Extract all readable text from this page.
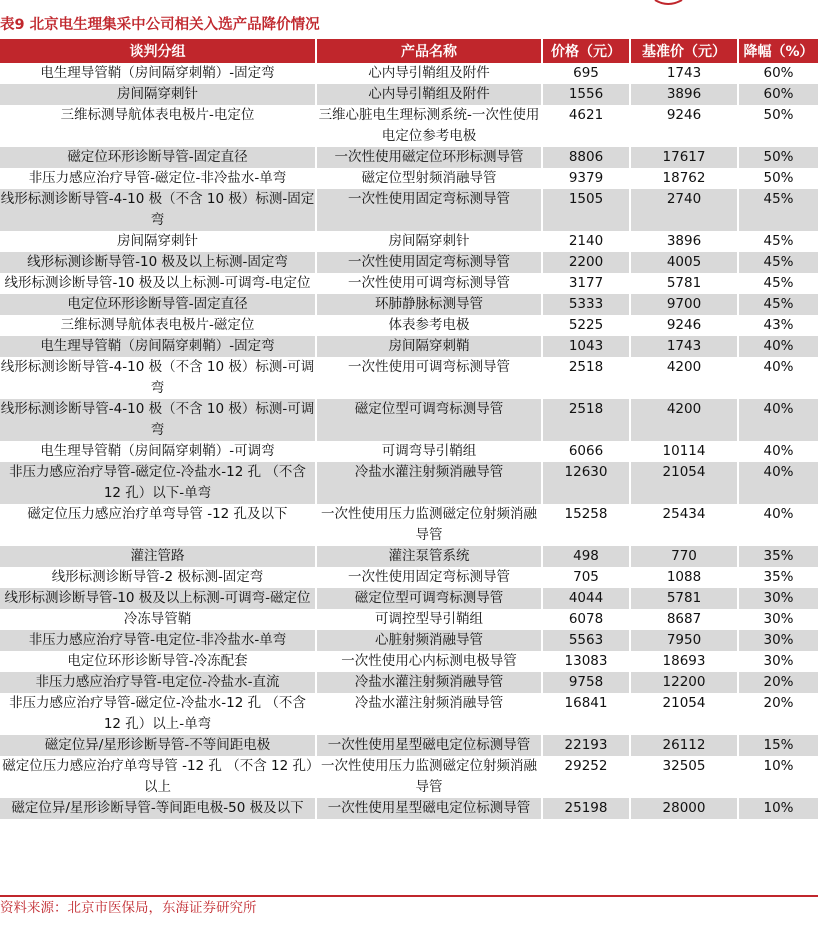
表9 北京电生理集采中公司相关入选产品降价情况
谈判分组	产品名称	价格（元）	基准价（元）	降幅（%）
电生理导管鞘（房间隔穿刺鞘）-固定弯	心内导引鞘组及附件	695	1743	60%
房间隔穿刺针	心内导引鞘组及附件	1556	3896	60%
三维标测导航体表电极片-电定位	三维心脏电生理标测系统-一次性使用电定位参考电极	4621	9246	50%
磁定位环形诊断导管-固定直径	一次性使用磁定位环形标测导管	8806	17617	50%
非压力感应治疗导管-磁定位-非冷盐水-单弯	磁定位型射频消融导管	9379	18762	50%
线形标测诊断导管-4-10 极（不含 10 极）标测-固定弯	一次性使用固定弯标测导管	1505	2740	45%
房间隔穿刺针	房间隔穿刺针	2140	3896	45%
线形标测诊断导管-10 极及以上标测-固定弯	一次性使用固定弯标测导管	2200	4005	45%
线形标测诊断导管-10 极及以上标测-可调弯-电定位	一次性使用可调弯标测导管	3177	5781	45%
电定位环形诊断导管-固定直径	环肺静脉标测导管	5333	9700	45%
三维标测导航体表电极片-磁定位	体表参考电极	5225	9246	43%
电生理导管鞘（房间隔穿刺鞘）-固定弯	房间隔穿刺鞘	1043	1743	40%
线形标测诊断导管-4-10 极（不含 10 极）标测-可调弯	一次性使用可调弯标测导管	2518	4200	40%
线形标测诊断导管-4-10 极（不含 10 极）标测-可调弯	磁定位型可调弯标测导管	2518	4200	40%
电生理导管鞘（房间隔穿刺鞘）-可调弯	可调弯导引鞘组	6066	10114	40%
非压力感应治疗导管-磁定位-冷盐水-12 孔 （不含 12 孔）以下-单弯	冷盐水灌注射频消融导管	12630	21054	40%
磁定位压力感应治疗单弯导管 -12 孔及以下	一次性使用压力监测磁定位射频消融导管	15258	25434	40%
灌注管路	灌注泵管系统	498	770	35%
线形标测诊断导管-2 极标测-固定弯	一次性使用固定弯标测导管	705	1088	35%
线形标测诊断导管-10 极及以上标测-可调弯-磁定位	磁定位型可调弯标测导管	4044	5781	30%
冷冻导管鞘	可调控型导引鞘组	6078	8687	30%
非压力感应治疗导管-电定位-非冷盐水-单弯	心脏射频消融导管	5563	7950	30%
电定位环形诊断导管-冷冻配套	一次性使用心内标测电极导管	13083	18693	30%
非压力感应治疗导管-电定位-冷盐水-直流	冷盐水灌注射频消融导管	9758	12200	20%
非压力感应治疗导管-磁定位-冷盐水-12 孔 （不含 12 孔）以上-单弯	冷盐水灌注射频消融导管	16841	21054	20%
磁定位异/星形诊断导管-不等间距电极	一次性使用星型磁电定位标测导管	22193	26112	15%
磁定位压力感应治疗单弯导管 -12 孔 （不含 12 孔）以上	一次性使用压力监测磁定位射频消融导管	29252	32505	10%
磁定位异/星形诊断导管-等间距电极-50 极及以下	一次性使用星型磁电定位标测导管	25198	28000	10%
资料来源：北京市医保局，东海证券研究所
